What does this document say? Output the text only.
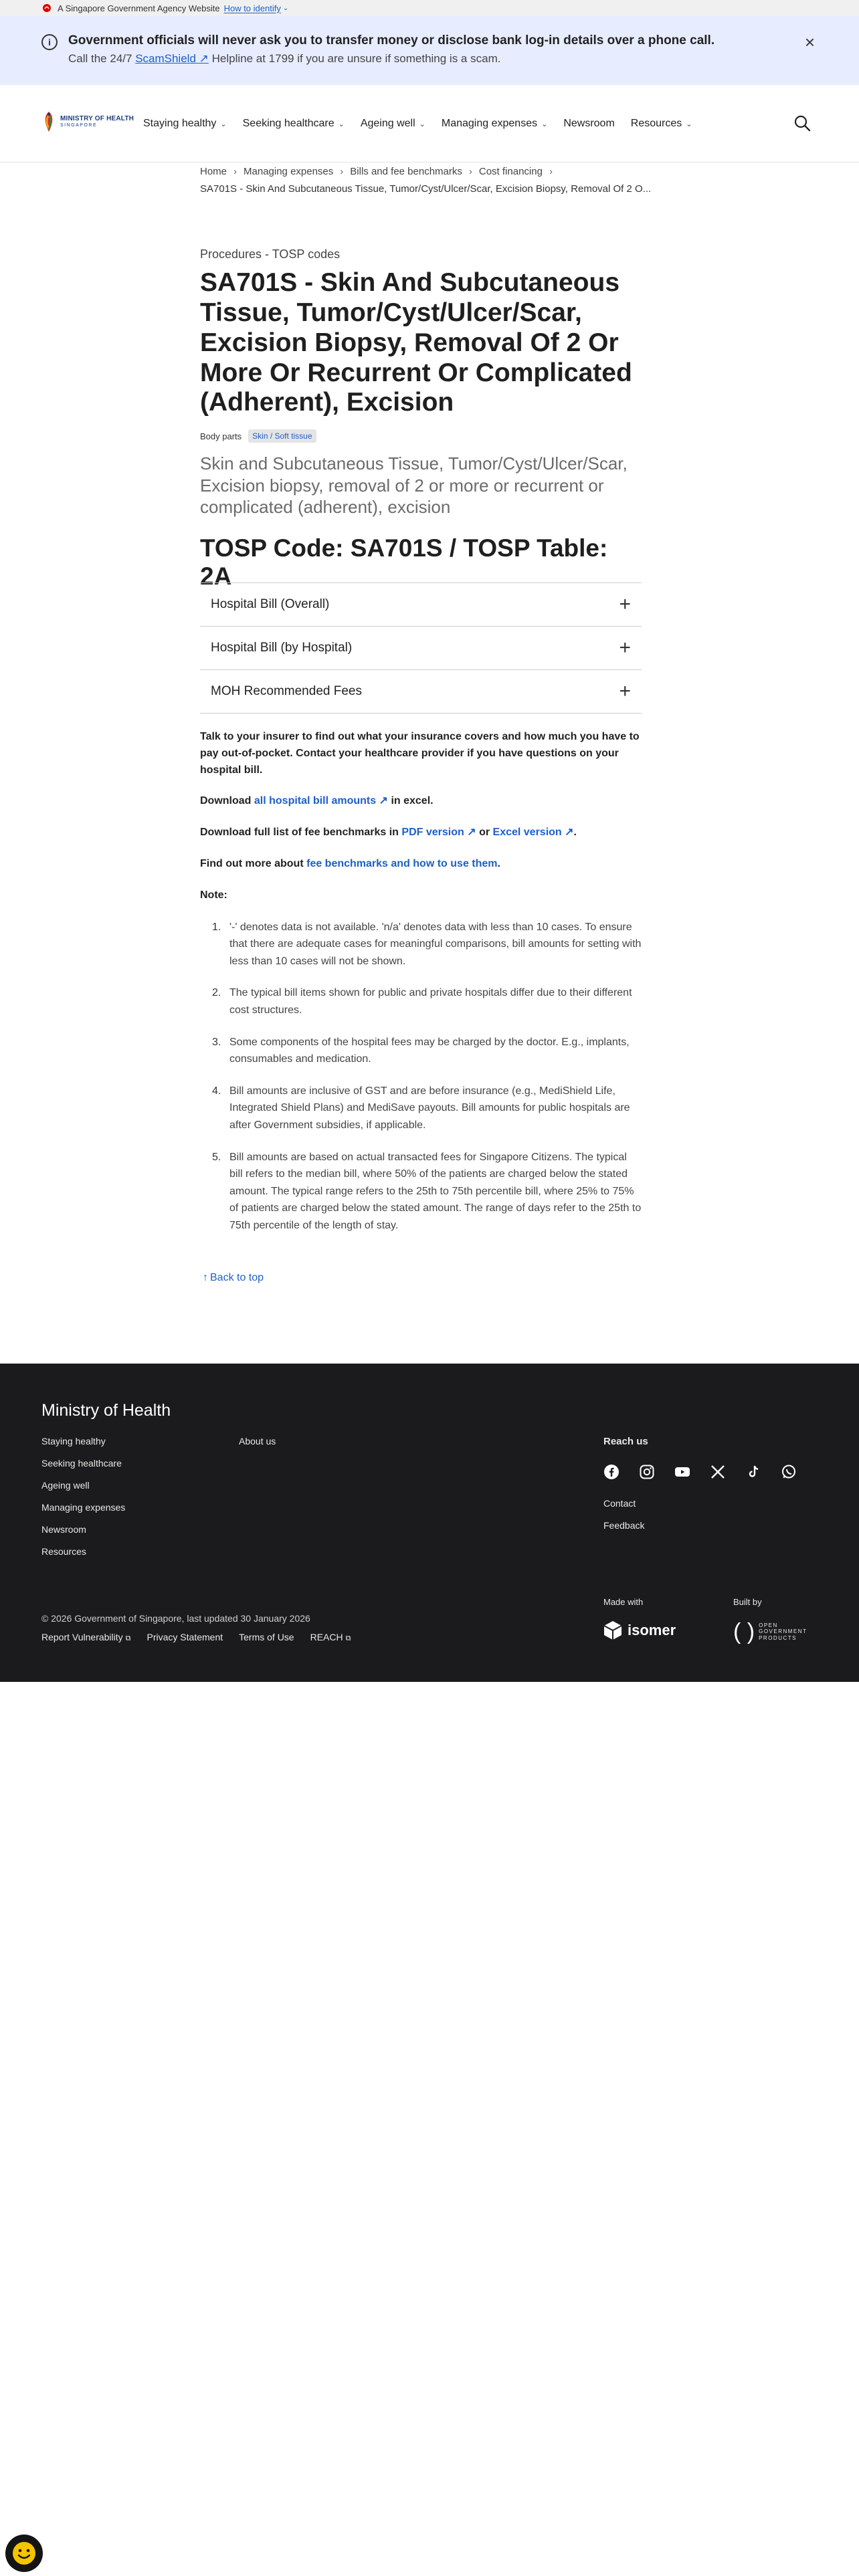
A Singapore Government Agency Website How to identify ⌄
i	Government officials will never ask you to transfer money or disclose bank log-in details over a phone call.
Call the 24/7 ScamShield ↗ Helpline at 1799 if you are unsure if something is a scam.
×
MINISTRY OF HEALTH
SINGAPORE	Staying healthy ⌄ Seeking healthcare ⌄ Ageing well ⌄ Managing expenses ⌄ Newsroom Resources ⌄
Home › Managing expenses › Bills and fee benchmarks › Cost financing ›
SA701S - Skin And Subcutaneous Tissue, Tumor/Cyst/Ulcer/Scar, Excision Biopsy, Removal Of 2 O...
Procedures - TOSP codes
SA701S - Skin And Subcutaneous Tissue, Tumor/Cyst/Ulcer/Scar, Excision Biopsy, Removal Of 2 Or More Or Recurrent Or Complicated (Adherent), Excision
Body parts	Skin / Soft tissue
Skin and Subcutaneous Tissue, Tumor/Cyst/Ulcer/Scar, Excision biopsy, removal of 2 or more or recurrent or complicated (adherent), excision
TOSP Code: SA701S / TOSP Table: 2A
Hospital Bill (Overall)	+
Hospital Bill (by Hospital)	+
MOH Recommended Fees	+

Talk to your insurer to find out what your insurance covers and how much you have to pay out-of-pocket. Contact your healthcare provider if you have questions on your hospital bill.

Download all hospital bill amounts ↗ in excel.

Download full list of fee benchmarks in PDF version ↗ or Excel version ↗.

Find out more about fee benchmarks and how to use them.

Note:

'-' denotes data is not available. 'n/a' denotes data with less than 10 cases. To ensure that there are adequate cases for meaningful comparisons, bill amounts for setting with less than 10 cases will not be shown.
The typical bill items shown for public and private hospitals differ due to their different cost structures.
Some components of the hospital fees may be charged by the doctor. E.g., implants, consumables and medication.
Bill amounts are inclusive of GST and are before insurance (e.g., MediShield Life, Integrated Shield Plans) and MediSave payouts. Bill amounts for public hospitals are after Government subsidies, if applicable.
Bill amounts are based on actual transacted fees for Singapore Citizens. The typical bill refers to the median bill, where 50% of the patients are charged below the stated amount. The typical range refers to the 25th to 75th percentile bill, where 25% to 75% of patients are charged below the stated amount. The range of days refer to the 25th to 75th percentile of the length of stay.
↑ Back to top
Ministry of Health
Staying healthy
Seeking healthcare
Ageing well
Managing expenses
Newsroom
Resources
About us	Reach us
Contact
Feedback
© 2026 Government of Singapore, last updated 30 January 2026
Report Vulnerability ⧉ Privacy Statement Terms of Use REACH ⧉
Made with	Built by
isomer	( ) OPEN
GOVERNMENT
PRODUCTS
